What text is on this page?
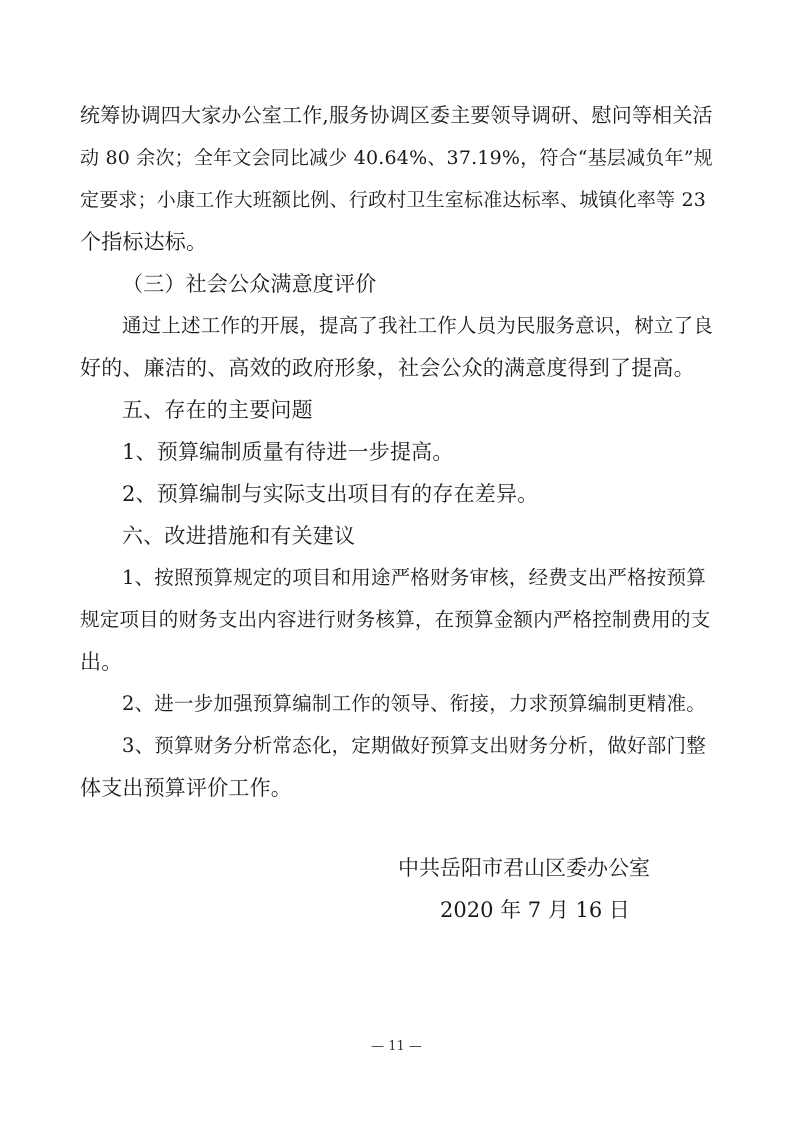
统筹协调四大家办公室工作,服务协调区委主要领导调研、慰问等相关活
动 80 余次；全年文会同比减少 40.64%、37.19%，符合“基层减负年”规
定要求；小康工作大班额比例、行政村卫生室标准达标率、城镇化率等 23
个指标达标。
（三）社会公众满意度评价
通过上述工作的开展，提高了我社工作人员为民服务意识，树立了良
好的、廉洁的、高效的政府形象，社会公众的满意度得到了提高。
五、存在的主要问题
1、预算编制质量有待进一步提高。
2、预算编制与实际支出项目有的存在差异。
六、改进措施和有关建议
1、按照预算规定的项目和用途严格财务审核，经费支出严格按预算
规定项目的财务支出内容进行财务核算，在预算金额内严格控制费用的支
出。
2、进一步加强预算编制工作的领导、衔接，力求预算编制更精准。
3、预算财务分析常态化，定期做好预算支出财务分析，做好部门整
体支出预算评价工作。
中共岳阳市君山区委办公室
2020 年 7 月 16 日
— 11 —
